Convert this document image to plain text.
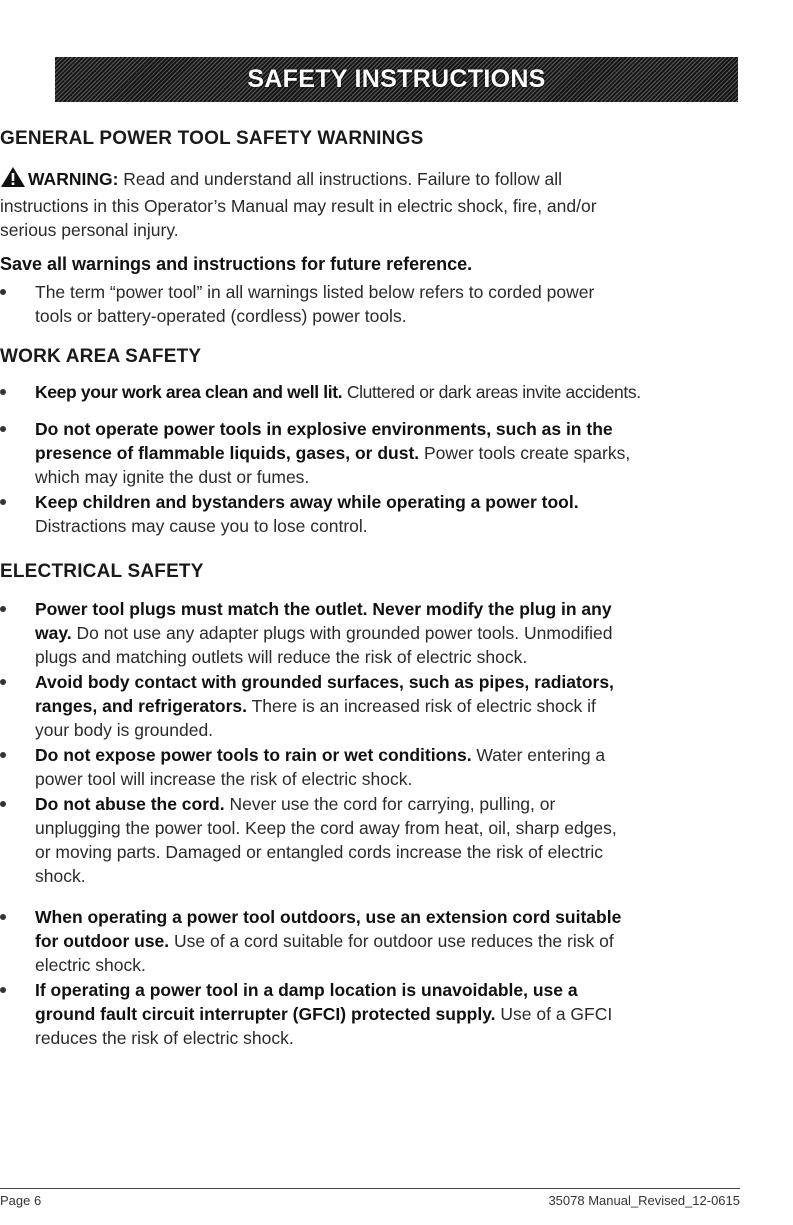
SAFETY INSTRUCTIONS
GENERAL POWER TOOL SAFETY WARNINGS
WARNING: Read and understand all instructions. Failure to follow all
instructions in this Operator’s Manual may result in electric shock, fire, and/or
serious personal injury.
Save all warnings and instructions for future reference.
The term “power tool” in all warnings listed below refers to corded power
tools or battery-operated (cordless) power tools.
WORK AREA SAFETY
Keep your work area clean and well lit. Cluttered or dark areas invite accidents.
Do not operate power tools in explosive environments, such as in the
presence of flammable liquids, gases, or dust. Power tools create sparks,
which may ignite the dust or fumes.
Keep children and bystanders away while operating a power tool.
Distractions may cause you to lose control.
ELECTRICAL SAFETY
Power tool plugs must match the outlet. Never modify the plug in any
way. Do not use any adapter plugs with grounded power tools. Unmodified
plugs and matching outlets will reduce the risk of electric shock.
Avoid body contact with grounded surfaces, such as pipes, radiators,
ranges, and refrigerators. There is an increased risk of electric shock if
your body is grounded.
Do not expose power tools to rain or wet conditions. Water entering a
power tool will increase the risk of electric shock.
Do not abuse the cord. Never use the cord for carrying, pulling, or
unplugging the power tool. Keep the cord away from heat, oil, sharp edges,
or moving parts. Damaged or entangled cords increase the risk of electric
shock.
When operating a power tool outdoors, use an extension cord suitable
for outdoor use. Use of a cord suitable for outdoor use reduces the risk of
electric shock.
If operating a power tool in a damp location is unavoidable, use a
ground fault circuit interrupter (GFCI) protected supply. Use of a GFCI
reduces the risk of electric shock.
Page 6	35078 Manual_Revised_12-0615
